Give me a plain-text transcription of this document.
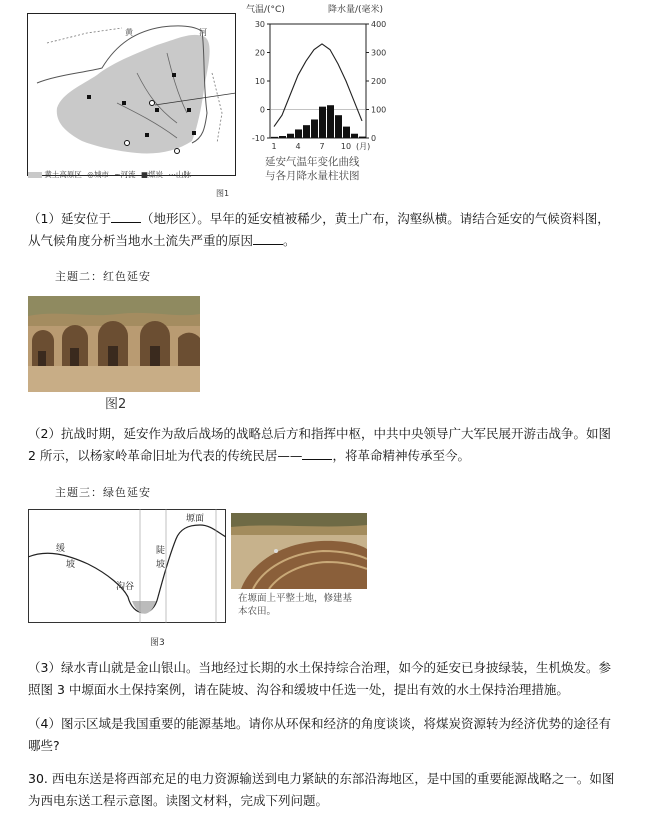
黄	河
黄土高原区 ◎城市 ~河流 ■煤炭 ⋯山脉
图1
气温/(°C)	降水量/(毫米)
30
20
10
0
-10
400
300
200
100
0
1 4 7 10 (月)
延安气温年变化曲线
与各月降水量柱状图
（1）延安位于 （地形区）。早年的延安植被稀少，黄土广布，沟壑纵横。请结合延安的气候资料图，
从气候角度分析当地水土流失严重的原因 。
主题二：红色延安
图2
（2）抗战时期，延安作为敌后战场的战略总后方和指挥中枢，中共中央领导广大军民展开游击战争。如图
2 所示，以杨家岭革命旧址为代表的传统民居—— ，将革命精神传承至今。
主题三：绿色延安
缓
坡
沟谷
陡
坡
塬面
图3
在塬面上平整土地，修建基
本农田。
（3）绿水青山就是金山银山。当地经过长期的水土保持综合治理，如今的延安已身披绿装，生机焕发。参
照图 3 中塬面水土保持案例，请在陡坡、沟谷和缓坡中任选一处，提出有效的水土保持治理措施。
（4）图示区域是我国重要的能源基地。请你从环保和经济的角度谈谈，将煤炭资源转为经济优势的途径有
哪些?
30. 西电东送是将西部充足的电力资源输送到电力紧缺的东部沿海地区，是中国的重要能源战略之一。如图
为西电东送工程示意图。读图文材料，完成下列问题。
